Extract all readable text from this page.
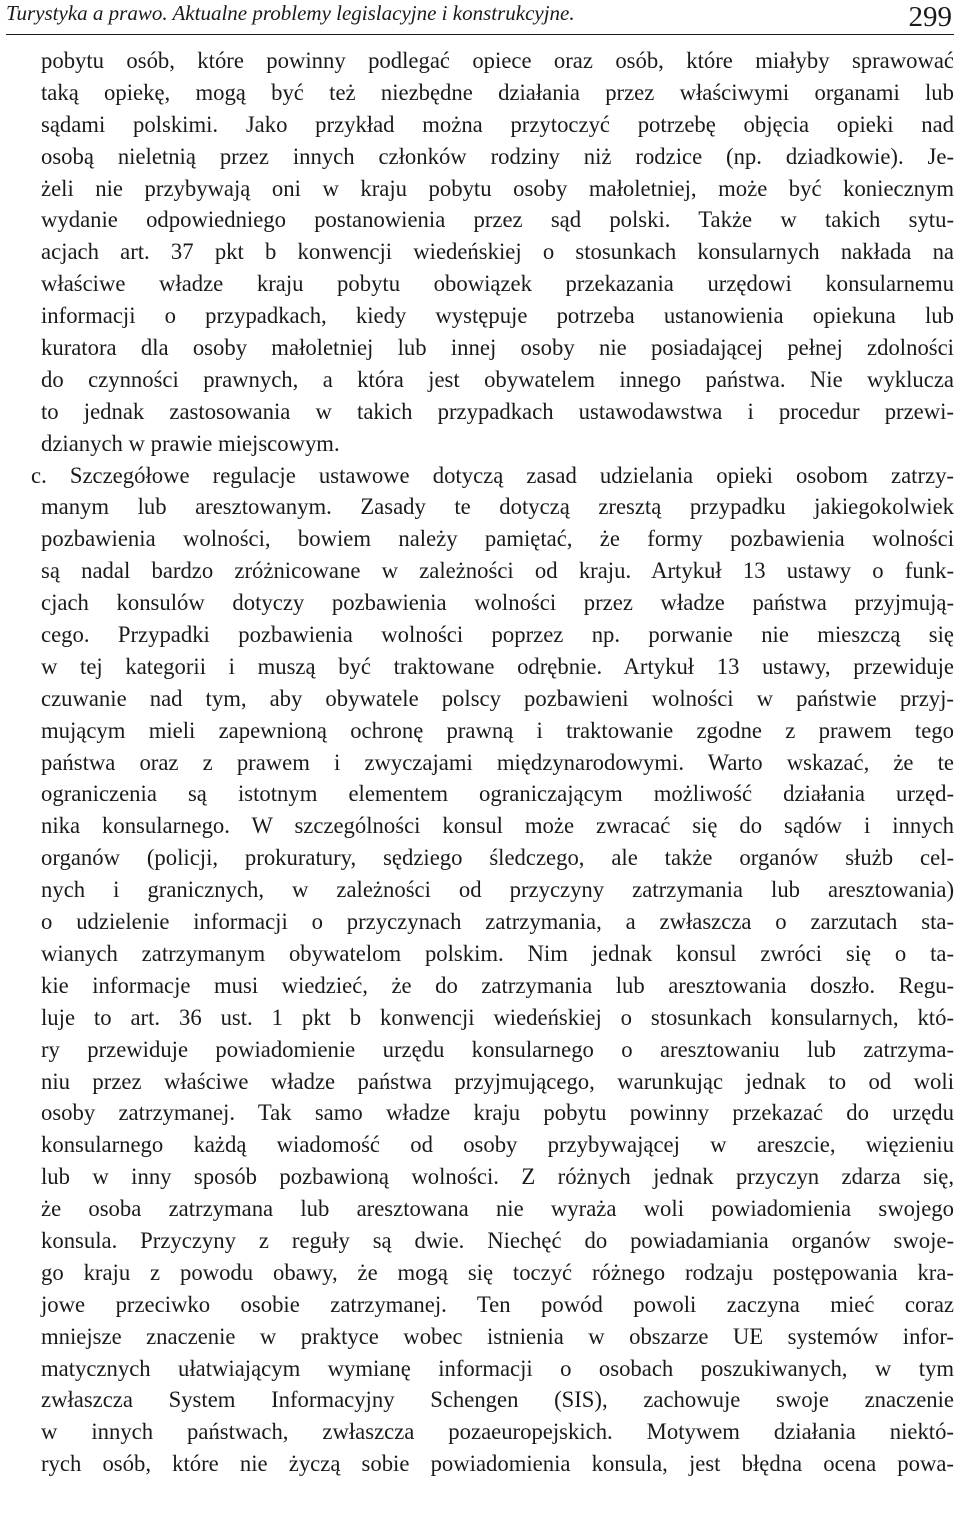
Turystyka a prawo. Aktualne problemy legislacyjne i konstrukcyjne.	299
pobytu osób, które powinny podlegać opiece oraz osób, które miałyby sprawować
taką opiekę, mogą być też niezbędne działania przez właściwymi organami lub
sądami polskimi. Jako przykład można przytoczyć potrzebę objęcia opieki nad
osobą nieletnią przez innych członków rodziny niż rodzice (np. dziadkowie). Je-
żeli nie przybywają oni w kraju pobytu osoby małoletniej, może być koniecznym
wydanie odpowiedniego postanowienia przez sąd polski. Także w takich sytu-
acjach art. 37 pkt b konwencji wiedeńskiej o stosunkach konsularnych nakłada na
właściwe władze kraju pobytu obowiązek przekazania urzędowi konsularnemu
informacji o przypadkach, kiedy występuje potrzeba ustanowienia opiekuna lub
kuratora dla osoby małoletniej lub innej osoby nie posiadającej pełnej zdolności
do czynności prawnych, a która jest obywatelem innego państwa. Nie wyklucza
to jednak zastosowania w takich przypadkach ustawodawstwa i procedur przewi-
dzianych w prawie miejscowym.
c. Szczegółowe regulacje ustawowe dotyczą zasad udzielania opieki osobom zatrzy-
manym lub aresztowanym. Zasady te dotyczą zresztą przypadku jakiegokolwiek
pozbawienia wolności, bowiem należy pamiętać, że formy pozbawienia wolności
są nadal bardzo zróżnicowane w zależności od kraju. Artykuł 13 ustawy o funk-
cjach konsulów dotyczy pozbawienia wolności przez władze państwa przyjmują-
cego. Przypadki pozbawienia wolności poprzez np. porwanie nie mieszczą się
w tej kategorii i muszą być traktowane odrębnie. Artykuł 13 ustawy, przewiduje
czuwanie nad tym, aby obywatele polscy pozbawieni wolności w państwie przyj-
mującym mieli zapewnioną ochronę prawną i traktowanie zgodne z prawem tego
państwa oraz z prawem i zwyczajami międzynarodowymi. Warto wskazać, że te
ograniczenia są istotnym elementem ograniczającym możliwość działania urzęd-
nika konsularnego. W szczególności konsul może zwracać się do sądów i innych
organów (policji, prokuratury, sędziego śledczego, ale także organów służb cel-
nych i granicznych, w zależności od przyczyny zatrzymania lub aresztowania)
o udzielenie informacji o przyczynach zatrzymania, a zwłaszcza o zarzutach sta-
wianych zatrzymanym obywatelom polskim. Nim jednak konsul zwróci się o ta-
kie informacje musi wiedzieć, że do zatrzymania lub aresztowania doszło. Regu-
luje to art. 36 ust. 1 pkt b konwencji wiedeńskiej o stosunkach konsularnych, któ-
ry przewiduje powiadomienie urzędu konsularnego o aresztowaniu lub zatrzyma-
niu przez właściwe władze państwa przyjmującego, warunkując jednak to od woli
osoby zatrzymanej. Tak samo władze kraju pobytu powinny przekazać do urzędu
konsularnego każdą wiadomość od osoby przybywającej w areszcie, więzieniu
lub w inny sposób pozbawioną wolności. Z różnych jednak przyczyn zdarza się,
że osoba zatrzymana lub aresztowana nie wyraża woli powiadomienia swojego
konsula. Przyczyny z reguły są dwie. Niechęć do powiadamiania organów swoje-
go kraju z powodu obawy, że mogą się toczyć różnego rodzaju postępowania kra-
jowe przeciwko osobie zatrzymanej. Ten powód powoli zaczyna mieć coraz
mniejsze znaczenie w praktyce wobec istnienia w obszarze UE systemów infor-
matycznych ułatwiającym wymianę informacji o osobach poszukiwanych, w tym
zwłaszcza System Informacyjny Schengen (SIS), zachowuje swoje znaczenie
w innych państwach, zwłaszcza pozaeuropejskich. Motywem działania niektó-
rych osób, które nie życzą sobie powiadomienia konsula, jest błędna ocena powa-
